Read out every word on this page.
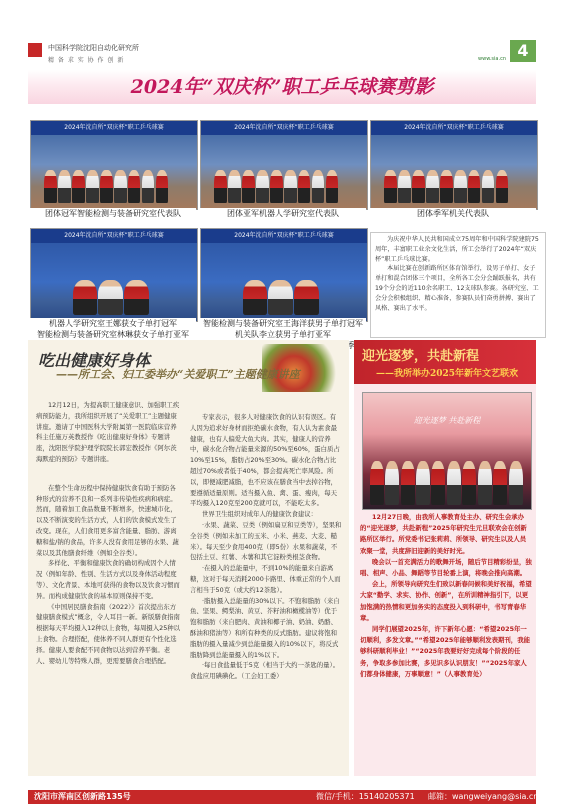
中国科学院沈阳自动化研究所
精 备 求 实 协 作 创 新	www.sia.cn 4
2024年“双庆杯”职工乒乓球赛剪影
2024年沈自所“双庆杯”职工乒乓球赛
团体冠军智能检测与装备研究室代表队
2024年沈自所“双庆杯”职工乒乓球赛
团体亚军机器人学研究室代表队
2024年沈自所“双庆杯”职工乒乓球赛
团体季军机关代表队
2024年沈自所“双庆杯”职工乒乓球赛
机器人学研究室王娜获女子单打冠军
智能检测与装备研究室林琳获女子单打亚军
2024年沈自所“双庆杯”职工乒乓球赛
智能检测与装备研究室王海洋获男子单打冠军
机关队李立获男子单打亚军

为庆祝中华人民共和国成立75周年和中国科学院建院75周年，丰富职工业余文化生活，所工会举行了2024年“双庆杯”职工乒乓球比赛。

本届比赛在创新路所区体育馆举行，设男子单打、女子单打和混合团体三个项目，全所各工会分会踊跃报名，共有19个分会的近110余名职工、12支球队参赛。各研究室、工会分会积极组织、精心准备，参赛队员们奋勇拼搏、赛出了风格、赛出了水平。

吃出健康好身体
——所工会、妇工委举办“关爱职工”主题健康讲座

12月12日，为提高职工健康意识、加强职工疾病预防能力，我所组织开展了“关爱职工”主题健康讲座。邀请了中国医科大学附属第一医院临床营养科主任施万英教授作《吃出健康好身体》专题讲座，沈阳医学院护理学院院长郭宏教授作《阿尔茨海默症的预防》专题讲座。

在整个生命历程中保持健康饮食有助于预防各种形式的营养不良和一系列非传染性疾病和病症。然而，随着加工食品数量不断增多，快速城市化，以及不断演变的生活方式，人们的饮食模式发生了改变。现在，人们食用更多富含能量、脂肪、游离糖和盐/钠的食品，许多人没有食用足够的水果、蔬菜以及其他膳食纤维（例如全谷类）。

多样化、平衡和健康饮食的确切构成因个人情况（例如年龄、性别、生活方式以及身体活动程度等）、文化背景、本地可获得的食物以及饮食习惯而异。而构成健康饮食的基本原则保持不变。

《中国居民膳食指南（2022）》首次提出东方健康膳食模式”概念，令人耳目一新。新版膳食指南根据每天平均摄入12种以上食物，每周摄入25种以上食物。合理搭配，使体养不同人群更有个性化选择。健康人要食配不同食物以达到营养平衡。老人、婴幼儿等特殊人群，更需要膳食合理搭配。

专家表示，很多人对健康饮食的认识有误区。有人因为追求好身材而拒绝碳水食物，有人认为素食最健康，也有人偏爱大鱼大肉。其实，健康人的营养中，碳水化合物占能量来源的50%至60%，蛋白质占10%至15%，脂肪占20%至30%。碳水化合物占比超过70%或者低于40%，都会提高死亡率风险。所以，即便减肥减脂，也不应该在膳食当中去掉谷物，要遵循适量原则。适当摄入鱼、禽、蛋、瘦肉，每天平均摄入120克至200克就可以，不能吃太多。

世界卫生组织对成年人的健康饮食建议：

·水果、蔬菜、豆类（例如扁豆和豆类等），坚果和全谷类（例如未加工的玉米、小米、燕麦、大麦、糙米）。每天至少食用400克（即5份）水果和蔬菜，不包括土豆、红薯、木薯和其它淀粉类根茎食物。

·在摄入的总能量中，不到10%的能量来自游离糖，这对于每天消耗2000卡路里、体重正常的个人而言相当于50克（或大约12茶匙）。

·脂肪摄入总能量的30%以下。不饱和脂肪（来自鱼、坚果、鳄梨油、黄豆、芥籽油和橄榄油等）优于饱和脂肪（来自肥肉、黄油和椰子油、奶油、奶酪、酥油和猪油等）和所有种类的反式脂肪。建议将饱和脂肪的摄入量减少到总能量摄入的10%以下，将反式脂肪降到总能量摄入的1%以下。

·每日食盐量低于5克（相当于大约一茶匙的量）。食盐应用碘碘化。（工会妇工委）

迎光逐梦，共赴新程
——我所举办2025年新年文艺联欢
迎光逐梦 共赴新程

12月27日晚，由我所人事教育处主办、研究生会承办的“迎光逐梦，共赴新程”2025年研究生元旦联欢会在创新路所区举行。所党委书记张莉莉、所领导、研究生以及人员欢聚一堂，共度辞旧迎新的美好时光。

晚会以一首充满活力的歌舞开场，随后节目精彩纷呈，独唱、相声、小品、舞蹈等节目轮番上演，将晚会推向高潮。

会上，所领导向研究生们致以新春问候和美好祝福，希望大家“勤学、求实、协作、创新”，在所训精神指引下，以更加饱满的热情和更加务实的态度投入到科研中，书写青春华章。

同学们展望2025年，许下新年心愿：“希望2025年一切顺利，多发文章。”“希望2025年能够顺利发表期刊，我能够科研顺利毕业！”“2025年我要好好完成每个阶段的任务，争取多参加比赛，多见识多认识朋友！”“2025年家人们都身体健康，万事顺意！”（人事教育处）

沈阳市浑南区创新路135号	微信/手机：15140205371 邮箱：wangweiyang@sia.cn
